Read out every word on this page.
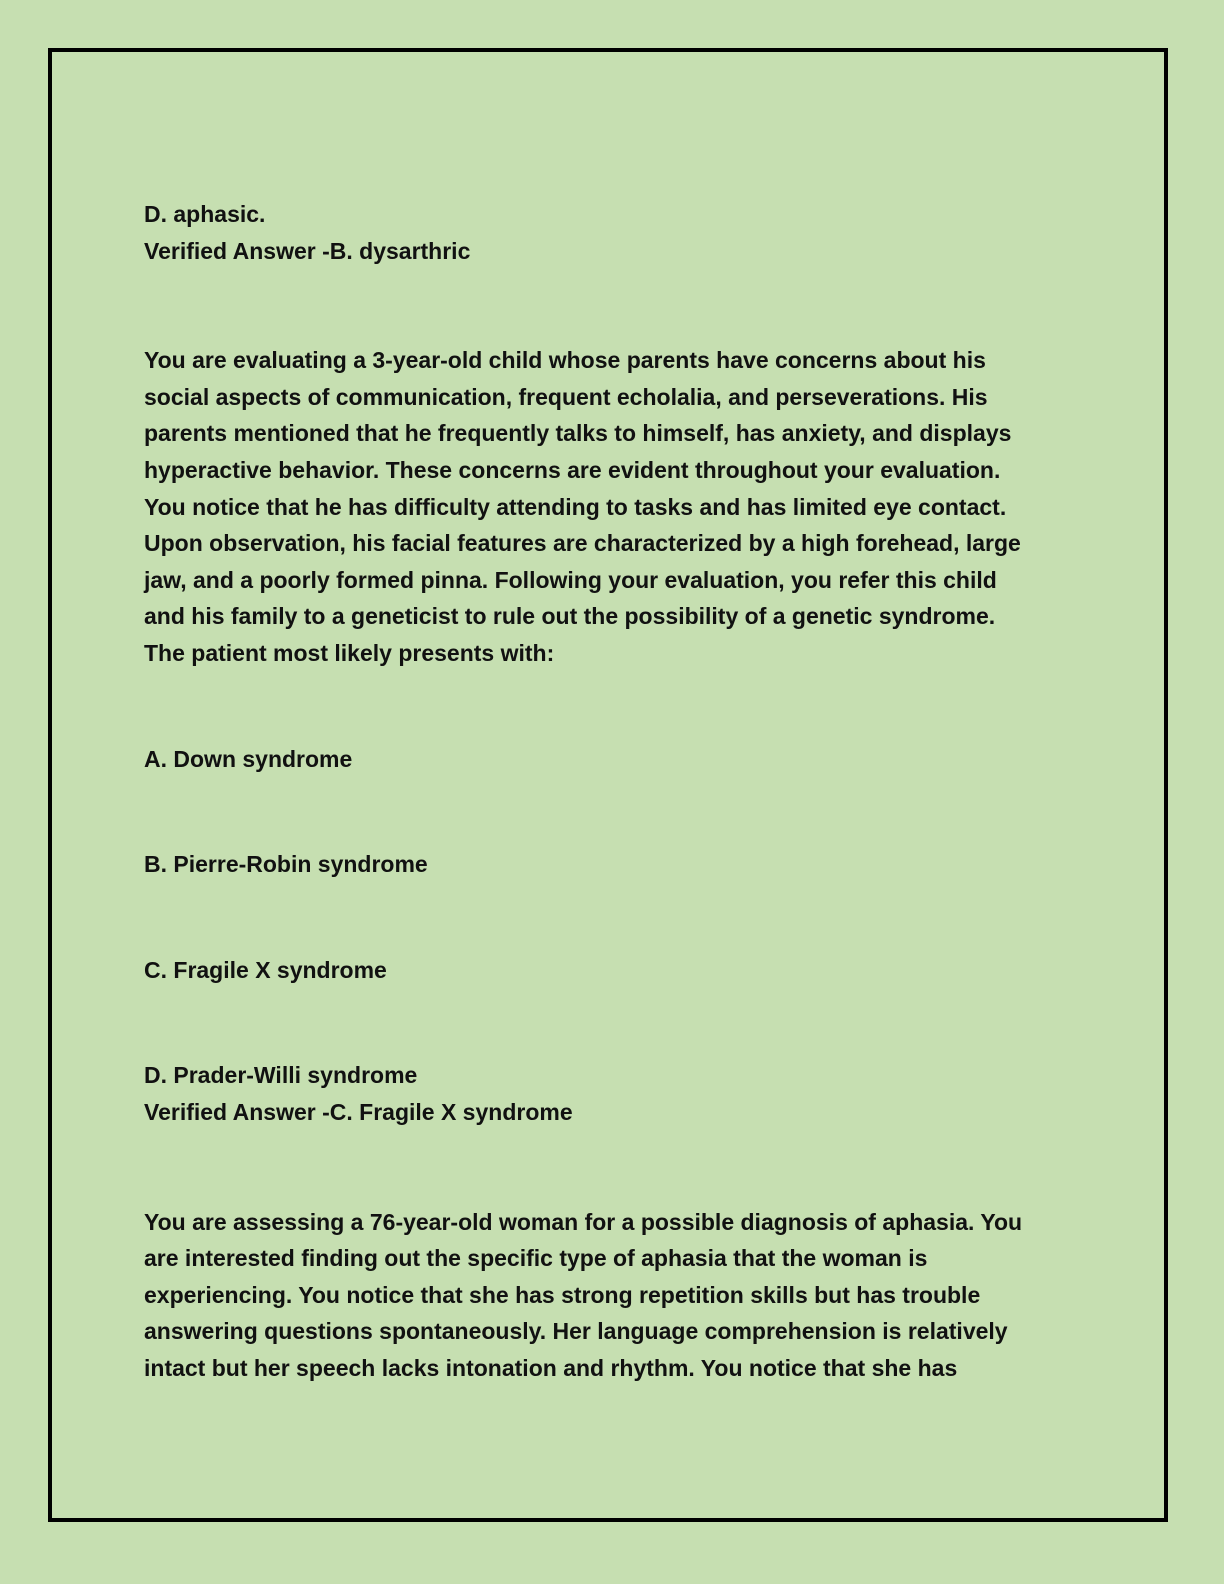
D. aphasic.
Verified Answer -B. dysarthric
You are evaluating a 3-year-old child whose parents have concerns about his
social aspects of communication, frequent echolalia, and perseverations. His
parents mentioned that he frequently talks to himself, has anxiety, and displays
hyperactive behavior. These concerns are evident throughout your evaluation.
You notice that he has difficulty attending to tasks and has limited eye contact.
Upon observation, his facial features are characterized by a high forehead, large
jaw, and a poorly formed pinna. Following your evaluation, you refer this child
and his family to a geneticist to rule out the possibility of a genetic syndrome.
The patient most likely presents with:
A. Down syndrome
B. Pierre-Robin syndrome
C. Fragile X syndrome
D. Prader-Willi syndrome
Verified Answer -C. Fragile X syndrome
You are assessing a 76-year-old woman for a possible diagnosis of aphasia. You
are interested finding out the specific type of aphasia that the woman is
experiencing. You notice that she has strong repetition skills but has trouble
answering questions spontaneously. Her language comprehension is relatively
intact but her speech lacks intonation and rhythm. You notice that she has
